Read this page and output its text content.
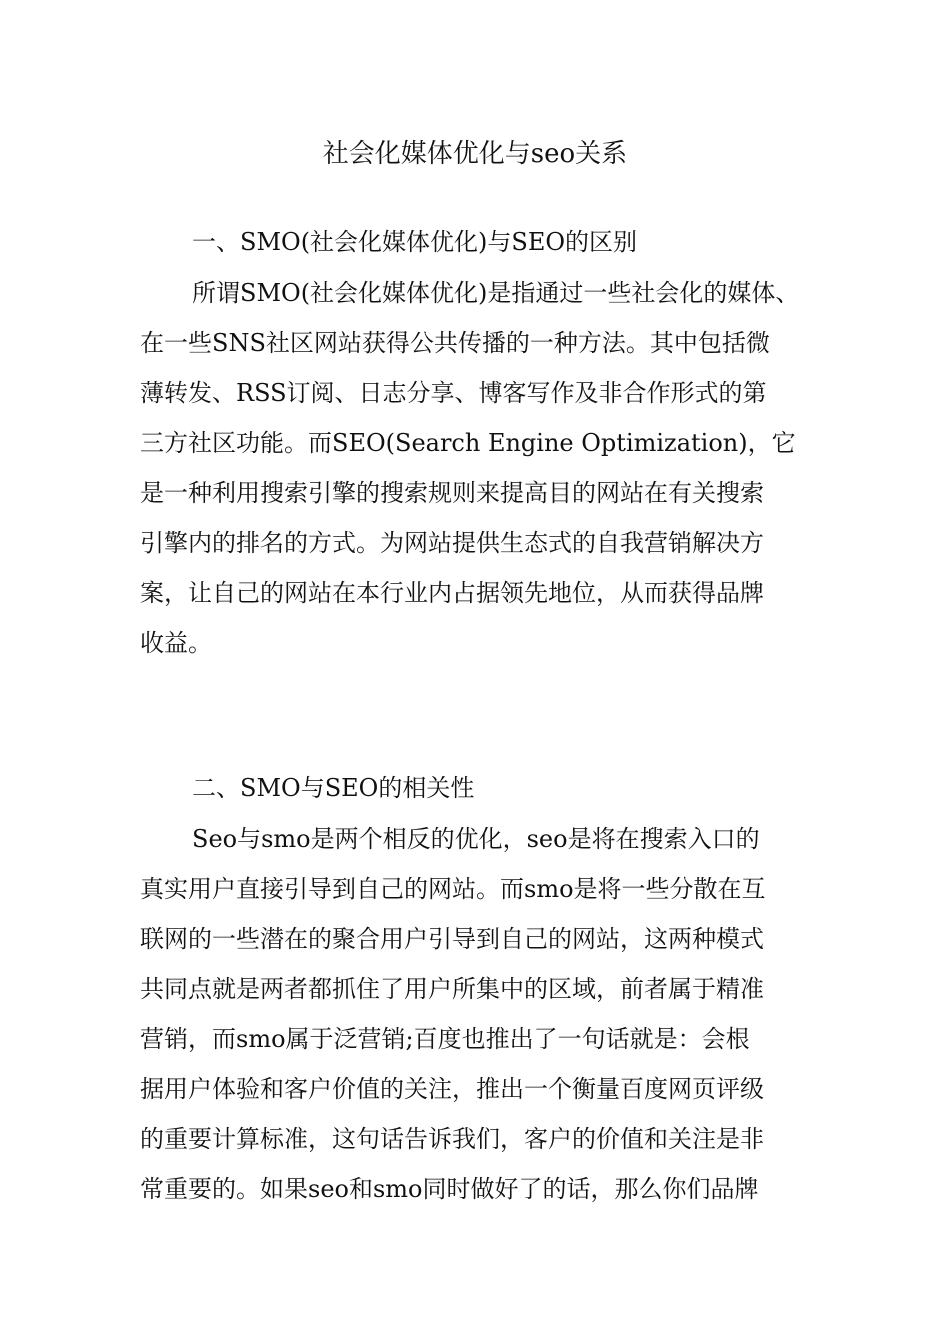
社会化媒体优化与seo关系
一、SMO(社会化媒体优化)与SEO的区别
所谓SMO(社会化媒体优化)是指通过一些社会化的媒体、
在一些SNS社区网站获得公共传播的一种方法。其中包括微
薄转发、RSS订阅、日志分享、博客写作及非合作形式的第
三方社区功能。而SEO(Search Engine Optimization)，它
是一种利用搜索引擎的搜索规则来提高目的网站在有关搜索
引擎内的排名的方式。为网站提供生态式的自我营销解决方
案，让自己的网站在本行业内占据领先地位，从而获得品牌
收益。
二、SMO与SEO的相关性
Seo与smo是两个相反的优化，seo是将在搜索入口的
真实用户直接引导到自己的网站。而smo是将一些分散在互
联网的一些潜在的聚合用户引导到自己的网站，这两种模式
共同点就是两者都抓住了用户所集中的区域，前者属于精准
营销，而smo属于泛营销;百度也推出了一句话就是：会根
据用户体验和客户价值的关注，推出一个衡量百度网页评级
的重要计算标准，这句话告诉我们，客户的价值和关注是非
常重要的。如果seo和smo同时做好了的话，那么你们品牌
